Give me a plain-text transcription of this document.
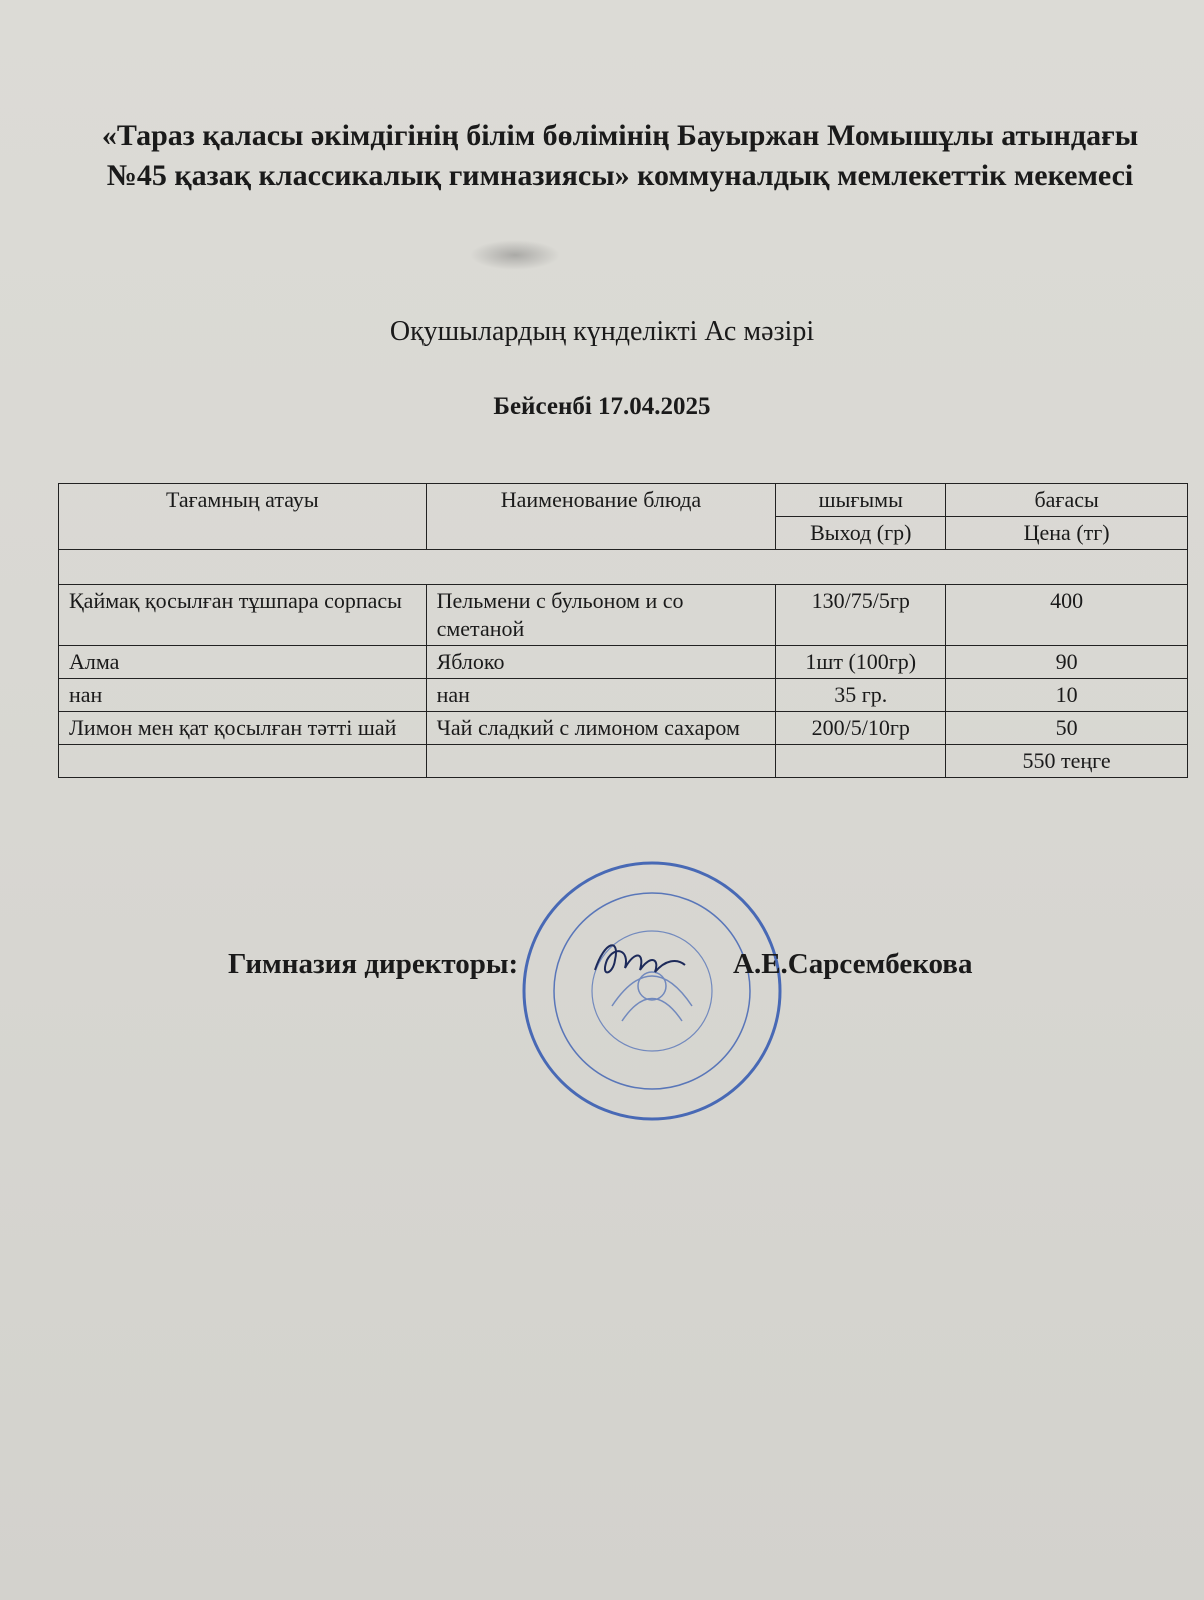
«Тараз қаласы әкімдігінің білім бөлімінің Бауыржан Момышұлы атындағы №45 қазақ классикалық гимназиясы» коммуналдық мемлекеттік мекемесі
Оқушылардың күнделікті Ас мәзірі
Бейсенбі 17.04.2025
Тағамның атауы	Наименование блюда	шығымы	бағасы
		Выход (гр)	Цена (тг)

Қаймақ қосылған тұшпара сорпасы	Пельмени с бульоном и со сметаной	130/75/5гр	400
Алма	Яблоко	1шт (100гр)	90
нан	нан	35 гр.	10
Лимон мен қат қосылған тәтті шай	Чай сладкий с лимоном сахаром	200/5/10гр	50
			550 теңге
Гимназия директоры:	А.Е.Сарсембекова
